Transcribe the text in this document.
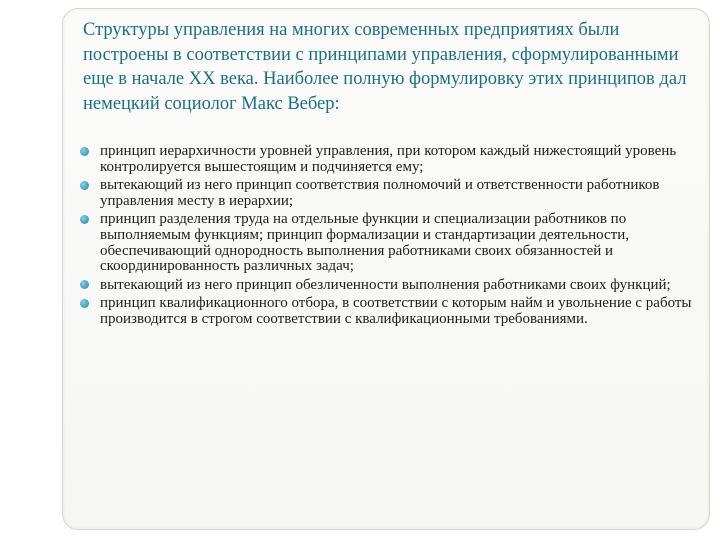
Структуры управления на многих современных предприятиях были построены в соответствии с принципами управления, сформулированными еще в начале XX века. Наиболее полную формулировку этих принципов дал немецкий социолог Макс Вебер:

принцип иерархичности уровней управления, при котором каждый нижестоящий уровень контролируется вышестоящим и подчиняется ему;
вытекающий из него принцип соответствия полномочий и ответственности работников управления месту в иерархии;
принцип разделения труда на отдельные функции и специализации работников по выполняемым функциям; принцип формализации и стандартизации деятельности, обеспечивающий однородность выполнения работниками своих обязанностей и скоординированность различных задач;
вытекающий из него принцип обезличенности выполнения работниками своих функций;
принцип квалификационного отбора, в соответствии с которым найм и увольнение с работы производится в строгом соответствии с квалификационными требованиями.
